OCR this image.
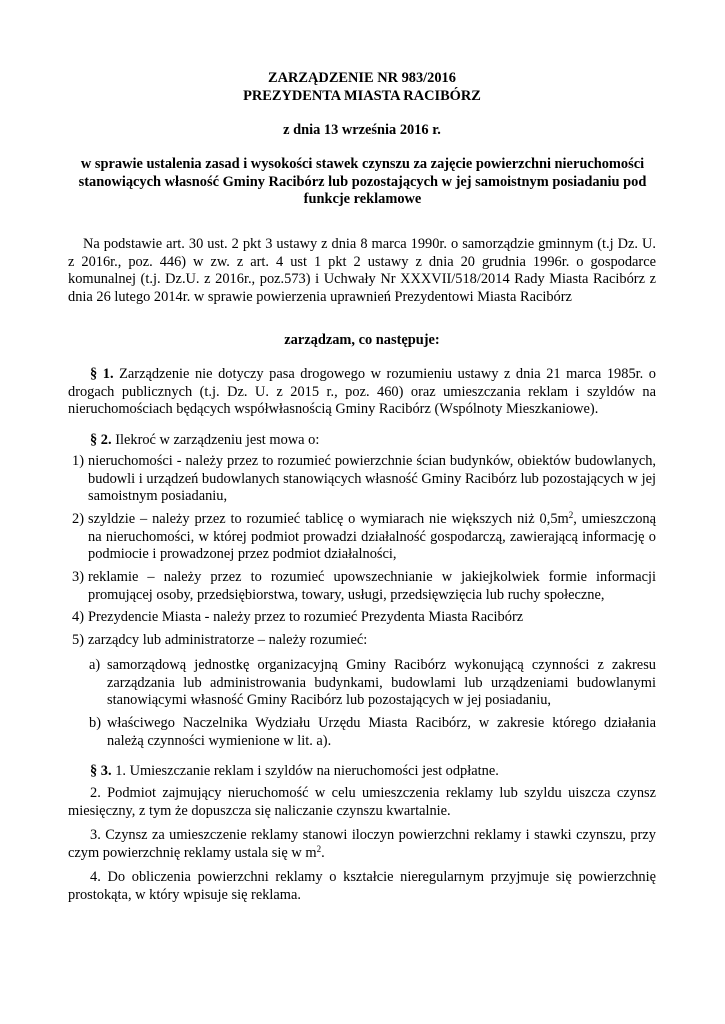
ZARZĄDZENIE NR 983/2016
PREZYDENTA MIASTA RACIBÓRZ
z dnia 13 września 2016 r.
w sprawie ustalenia zasad i wysokości stawek czynszu za zajęcie powierzchni nieruchomości stanowiących własność Gminy Racibórz lub pozostających w jej samoistnym posiadaniu pod funkcje reklamowe
Na podstawie art. 30 ust. 2 pkt 3 ustawy z dnia 8 marca 1990r. o samorządzie gminnym (t.j Dz. U. z 2016r., poz. 446) w zw. z art. 4 ust 1 pkt 2 ustawy z dnia 20 grudnia 1996r. o gospodarce komunalnej (t.j. Dz.U. z 2016r., poz.573) i Uchwały Nr XXXVII/518/2014 Rady Miasta Racibórz z dnia 26 lutego 2014r. w sprawie powierzenia uprawnień Prezydentowi Miasta Racibórz
zarządzam, co następuje:
§ 1. Zarządzenie nie dotyczy pasa drogowego w rozumieniu ustawy z dnia 21 marca 1985r. o drogach publicznych (t.j. Dz. U. z 2015 r., poz. 460) oraz umieszczania reklam i szyldów na nieruchomościach będących współwłasnością Gminy Racibórz (Wspólnoty Mieszkaniowe).
§ 2. Ilekroć w zarządzeniu jest mowa o:
1) nieruchomości - należy przez to rozumieć powierzchnie ścian budynków, obiektów budowlanych, budowli i urządzeń budowlanych stanowiących własność Gminy Racibórz lub pozostających w jej samoistnym posiadaniu,
2) szyldzie – należy przez to rozumieć tablicę o wymiarach nie większych niż $0,5m^2$, umieszczoną na nieruchomości, w której podmiot prowadzi działalność gospodarczą, zawierającą informację o podmiocie i prowadzonej przez podmiot działalności,
3) reklamie – należy przez to rozumieć upowszechnianie w jakiejkolwiek formie informacji promującej osoby, przedsiębiorstwa, towary, usługi, przedsięwzięcia lub ruchy społeczne,
4) Prezydencie Miasta - należy przez to rozumieć Prezydenta Miasta Racibórz
5) zarządcy lub administratorze – należy rozumieć:
a) samorządową jednostkę organizacyjną Gminy Racibórz wykonującą czynności z zakresu zarządzania lub administrowania budynkami, budowlami lub urządzeniami budowlanymi stanowiącymi własność Gminy Racibórz lub pozostających w jej posiadaniu,
b) właściwego Naczelnika Wydziału Urzędu Miasta Racibórz, w zakresie którego działania należą czynności wymienione w lit. a).
§ 3. 1. Umieszczanie reklam i szyldów na nieruchomości jest odpłatne.
2. Podmiot zajmujący nieruchomość w celu umieszczenia reklamy lub szyldu uiszcza czynsz miesięczny, z tym że dopuszcza się naliczanie czynszu kwartalnie.
3. Czynsz za umieszczenie reklamy stanowi iloczyn powierzchni reklamy i stawki czynszu, przy czym powierzchnię reklamy ustala się w $m^2$.
4. Do obliczenia powierzchni reklamy o kształcie nieregularnym przyjmuje się powierzchnię prostokąta, w który wpisuje się reklama.
